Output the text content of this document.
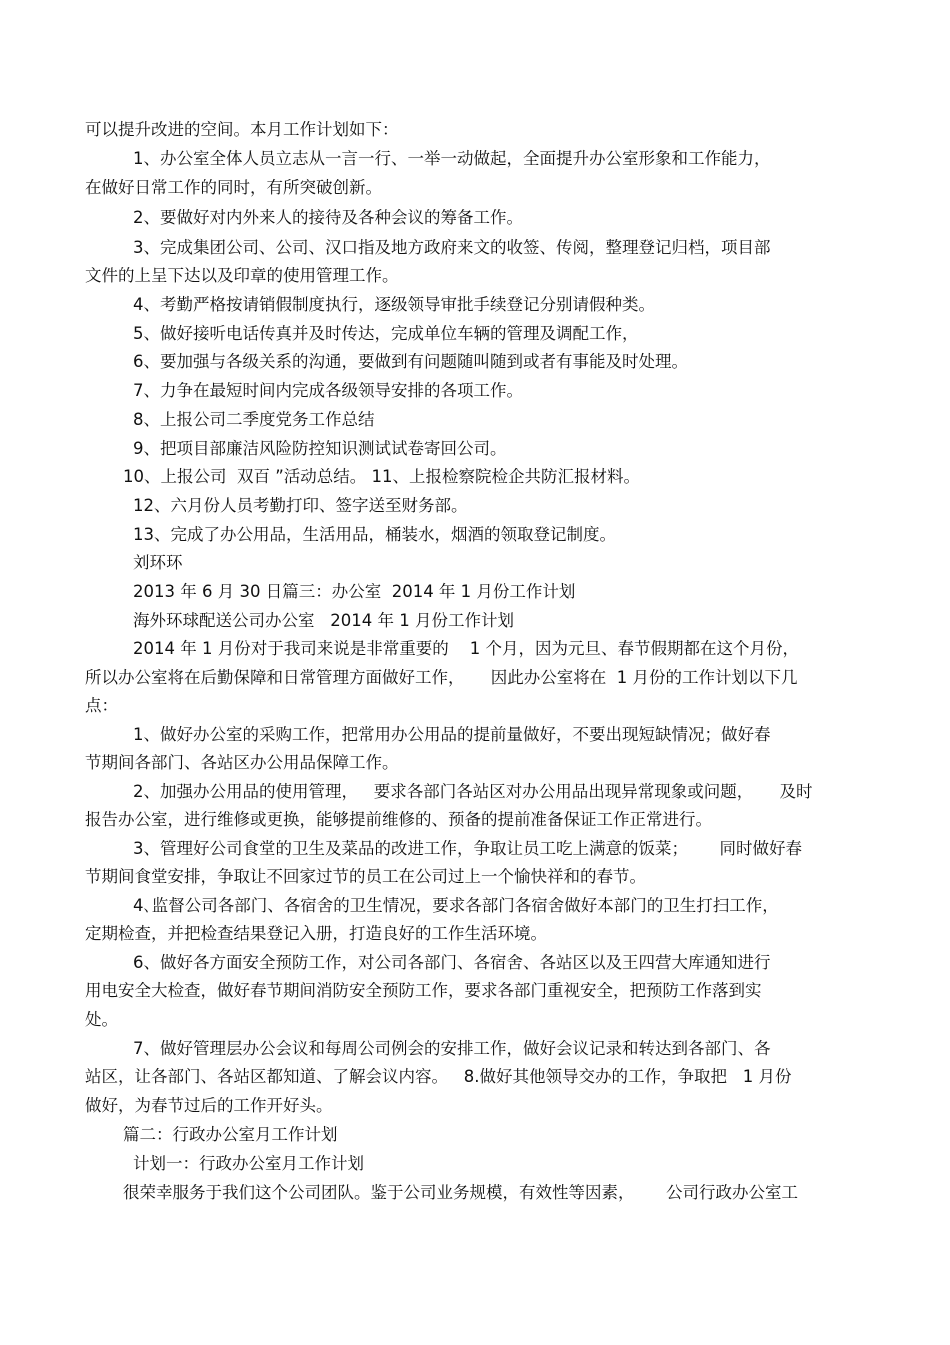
可以提升改进的空间。本月工作计划如下：
1、办公室全体人员立志从一言一行、一举一动做起，全面提升办公室形象和工作能力，
在做好日常工作的同时，有所突破创新。
2、要做好对内外来人的接待及各种会议的筹备工作。
3、完成集团公司、公司、汉口指及地方政府来文的收签、传阅，整理登记归档，项目部
文件的上呈下达以及印章的使用管理工作。
4、考勤严格按请销假制度执行，逐级领导审批手续登记分别请假种类。
5、做好接听电话传真并及时传达，完成单位车辆的管理及调配工作，
6、要加强与各级关系的沟通，要做到有问题随叫随到或者有事能及时处理。
7、力争在最短时间内完成各级领导安排的各项工作。
8、上报公司二季度党务工作总结
9、把项目部廉洁风险防控知识测试试卷寄回公司。
10、上报公司  双百 ”活动总结。 11、上报检察院检企共防汇报材料。
12、六月份人员考勤打印、签字送至财务部。
13、完成了办公用品，生活用品，桶装水，烟酒的领取登记制度。
刘环环
2013 年 6 月 30 日篇三：办公室  2014 年 1 月份工作计划
海外环球配送公司办公室   2014 年 1 月份工作计划
2014 年 1 月份对于我司来说是非常重要的    1 个月，因为元旦、春节假期都在这个月份，
所以办公室将在后勤保障和日常管理方面做好工作，     因此办公室将在  1 月份的工作计划以下几
点：
1、做好办公室的采购工作，把常用办公用品的提前量做好，不要出现短缺情况；做好春
节期间各部门、各站区办公用品保障工作。
2、加强办公用品的使用管理，   要求各部门各站区对办公用品出现异常现象或问题，     及时
报告办公室，进行维修或更换，能够提前维修的、预备的提前准备保证工作正常进行。
3、管理好公司食堂的卫生及菜品的改进工作，争取让员工吃上满意的饭菜；      同时做好春
节期间食堂安排，争取让不回家过节的员工在公司过上一个愉快祥和的春节。
4､监督公司各部门、各宿舍的卫生情况，要求各部门各宿舍做好本部门的卫生打扫工作，
定期检查，并把检查结果登记入册，打造良好的工作生活环境。
6、做好各方面安全预防工作，对公司各部门、各宿舍、各站区以及王四营大库通知进行
用电安全大检查，做好春节期间消防安全预防工作，要求各部门重视安全，把预防工作落到实
处。
7、做好管理层办公会议和每周公司例会的安排工作，做好会议记录和转达到各部门、各
站区，让各部门、各站区都知道、了解会议内容。   8.做好其他领导交办的工作，争取把   1 月份
做好，为春节过后的工作开好头。
篇二：行政办公室月工作计划
计划一：行政办公室月工作计划
很荣幸服务于我们这个公司团队。鉴于公司业务规模，有效性等因素，      公司行政办公室工
